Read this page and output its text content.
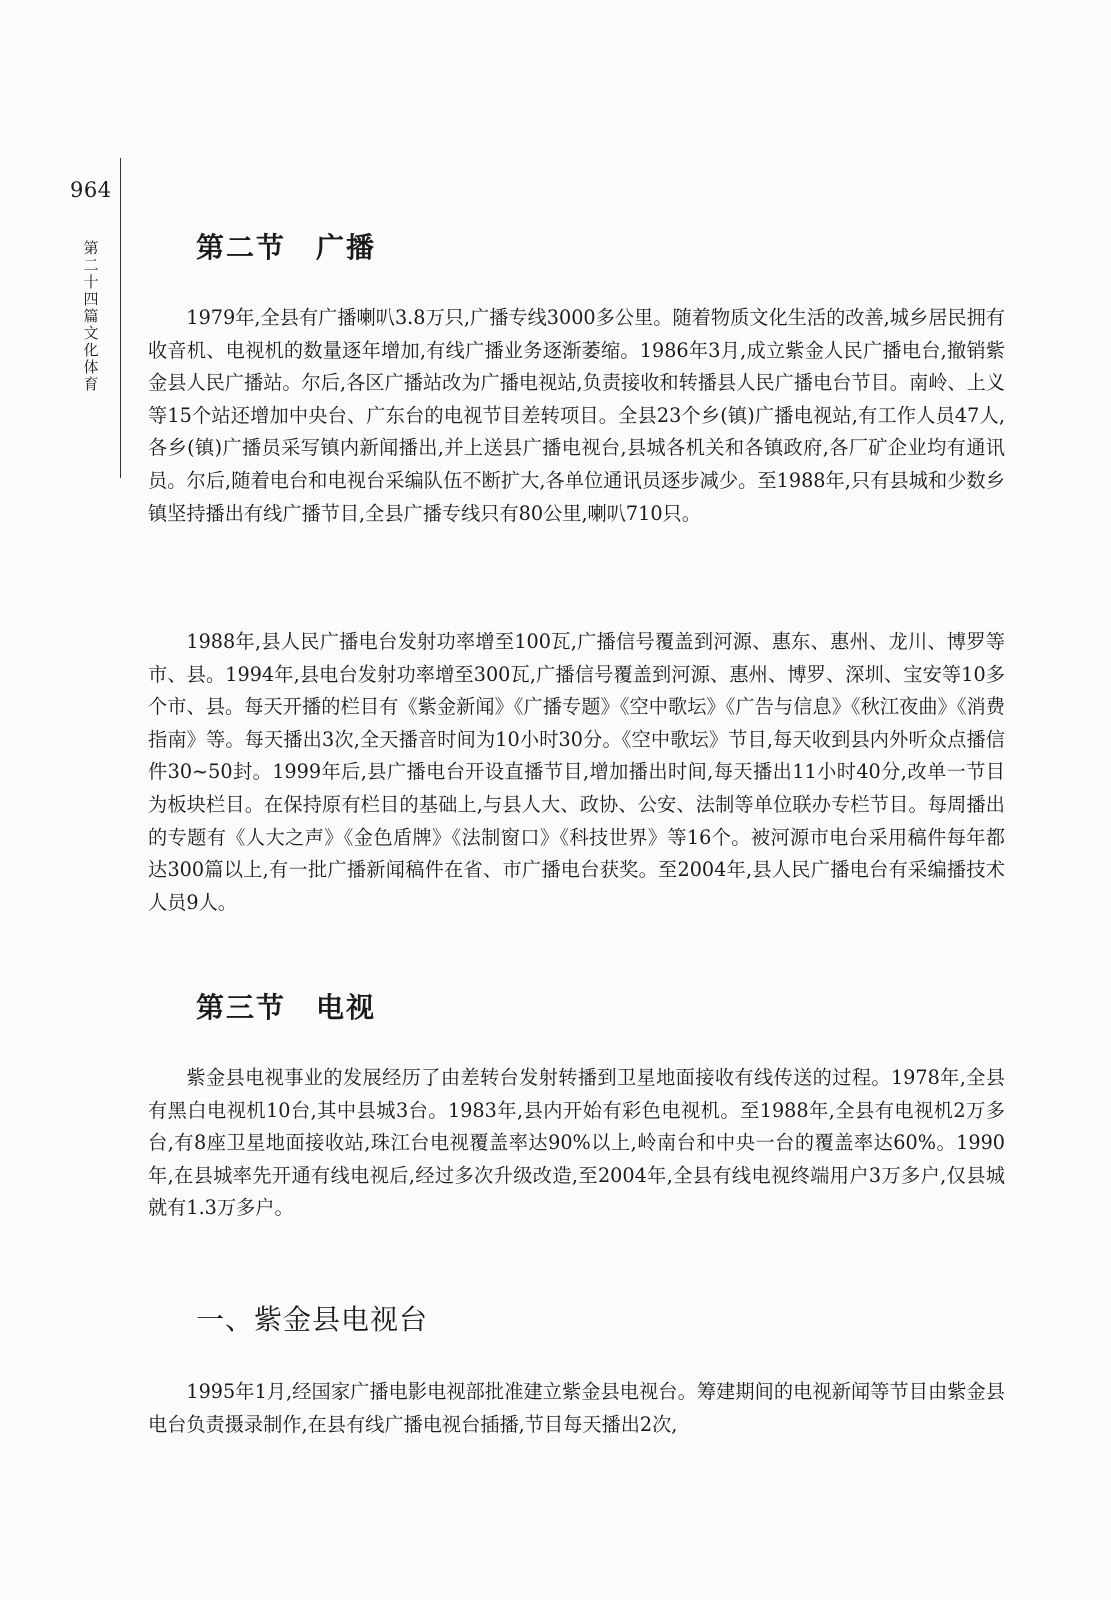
964
第二十四篇　文化　体育
第二节　广播

1979年,全县有广播喇叭3.8万只,广播专线3000多公里。随着物质文化生活的改善,城乡居民拥有收音机、电视机的数量逐年增加,有线广播业务逐渐萎缩。1986年3月,成立紫金人民广播电台,撤销紫金县人民广播站。尔后,各区广播站改为广播电视站,负责接收和转播县人民广播电台节目。南岭、上义等15个站还增加中央台、广东台的电视节目差转项目。全县23个乡(镇)广播电视站,有工作人员47人,各乡(镇)广播员采写镇内新闻播出,并上送县广播电视台,县城各机关和各镇政府,各厂矿企业均有通讯员。尔后,随着电台和电视台采编队伍不断扩大,各单位通讯员逐步减少。至1988年,只有县城和少数乡镇坚持播出有线广播节目,全县广播专线只有80公里,喇叭710只。

1988年,县人民广播电台发射功率增至100瓦,广播信号覆盖到河源、惠东、惠州、龙川、博罗等市、县。1994年,县电台发射功率增至300瓦,广播信号覆盖到河源、惠州、博罗、深圳、宝安等10多个市、县。每天开播的栏目有《紫金新闻》《广播专题》《空中歌坛》《广告与信息》《秋江夜曲》《消费指南》等。每天播出3次,全天播音时间为10小时30分。《空中歌坛》节目,每天收到县内外听众点播信件30~50封。1999年后,县广播电台开设直播节目,增加播出时间,每天播出11小时40分,改单一节目为板块栏目。在保持原有栏目的基础上,与县人大、政协、公安、法制等单位联办专栏节目。每周播出的专题有《人大之声》《金色盾牌》《法制窗口》《科技世界》等16个。被河源市电台采用稿件每年都达300篇以上,有一批广播新闻稿件在省、市广播电台获奖。至2004年,县人民广播电台有采编播技术人员9人。

第三节　电视

紫金县电视事业的发展经历了由差转台发射转播到卫星地面接收有线传送的过程。1978年,全县有黑白电视机10台,其中县城3台。1983年,县内开始有彩色电视机。至1988年,全县有电视机2万多台,有8座卫星地面接收站,珠江台电视覆盖率达90%以上,岭南台和中央一台的覆盖率达60%。1990年,在县城率先开通有线电视后,经过多次升级改造,至2004年,全县有线电视终端用户3万多户,仅县城就有1.3万多户。

一、紫金县电视台

1995年1月,经国家广播电影电视部批准建立紫金县电视台。筹建期间的电视新闻等节目由紫金县电台负责摄录制作,在县有线广播电视台插播,节目每天播出2次,
